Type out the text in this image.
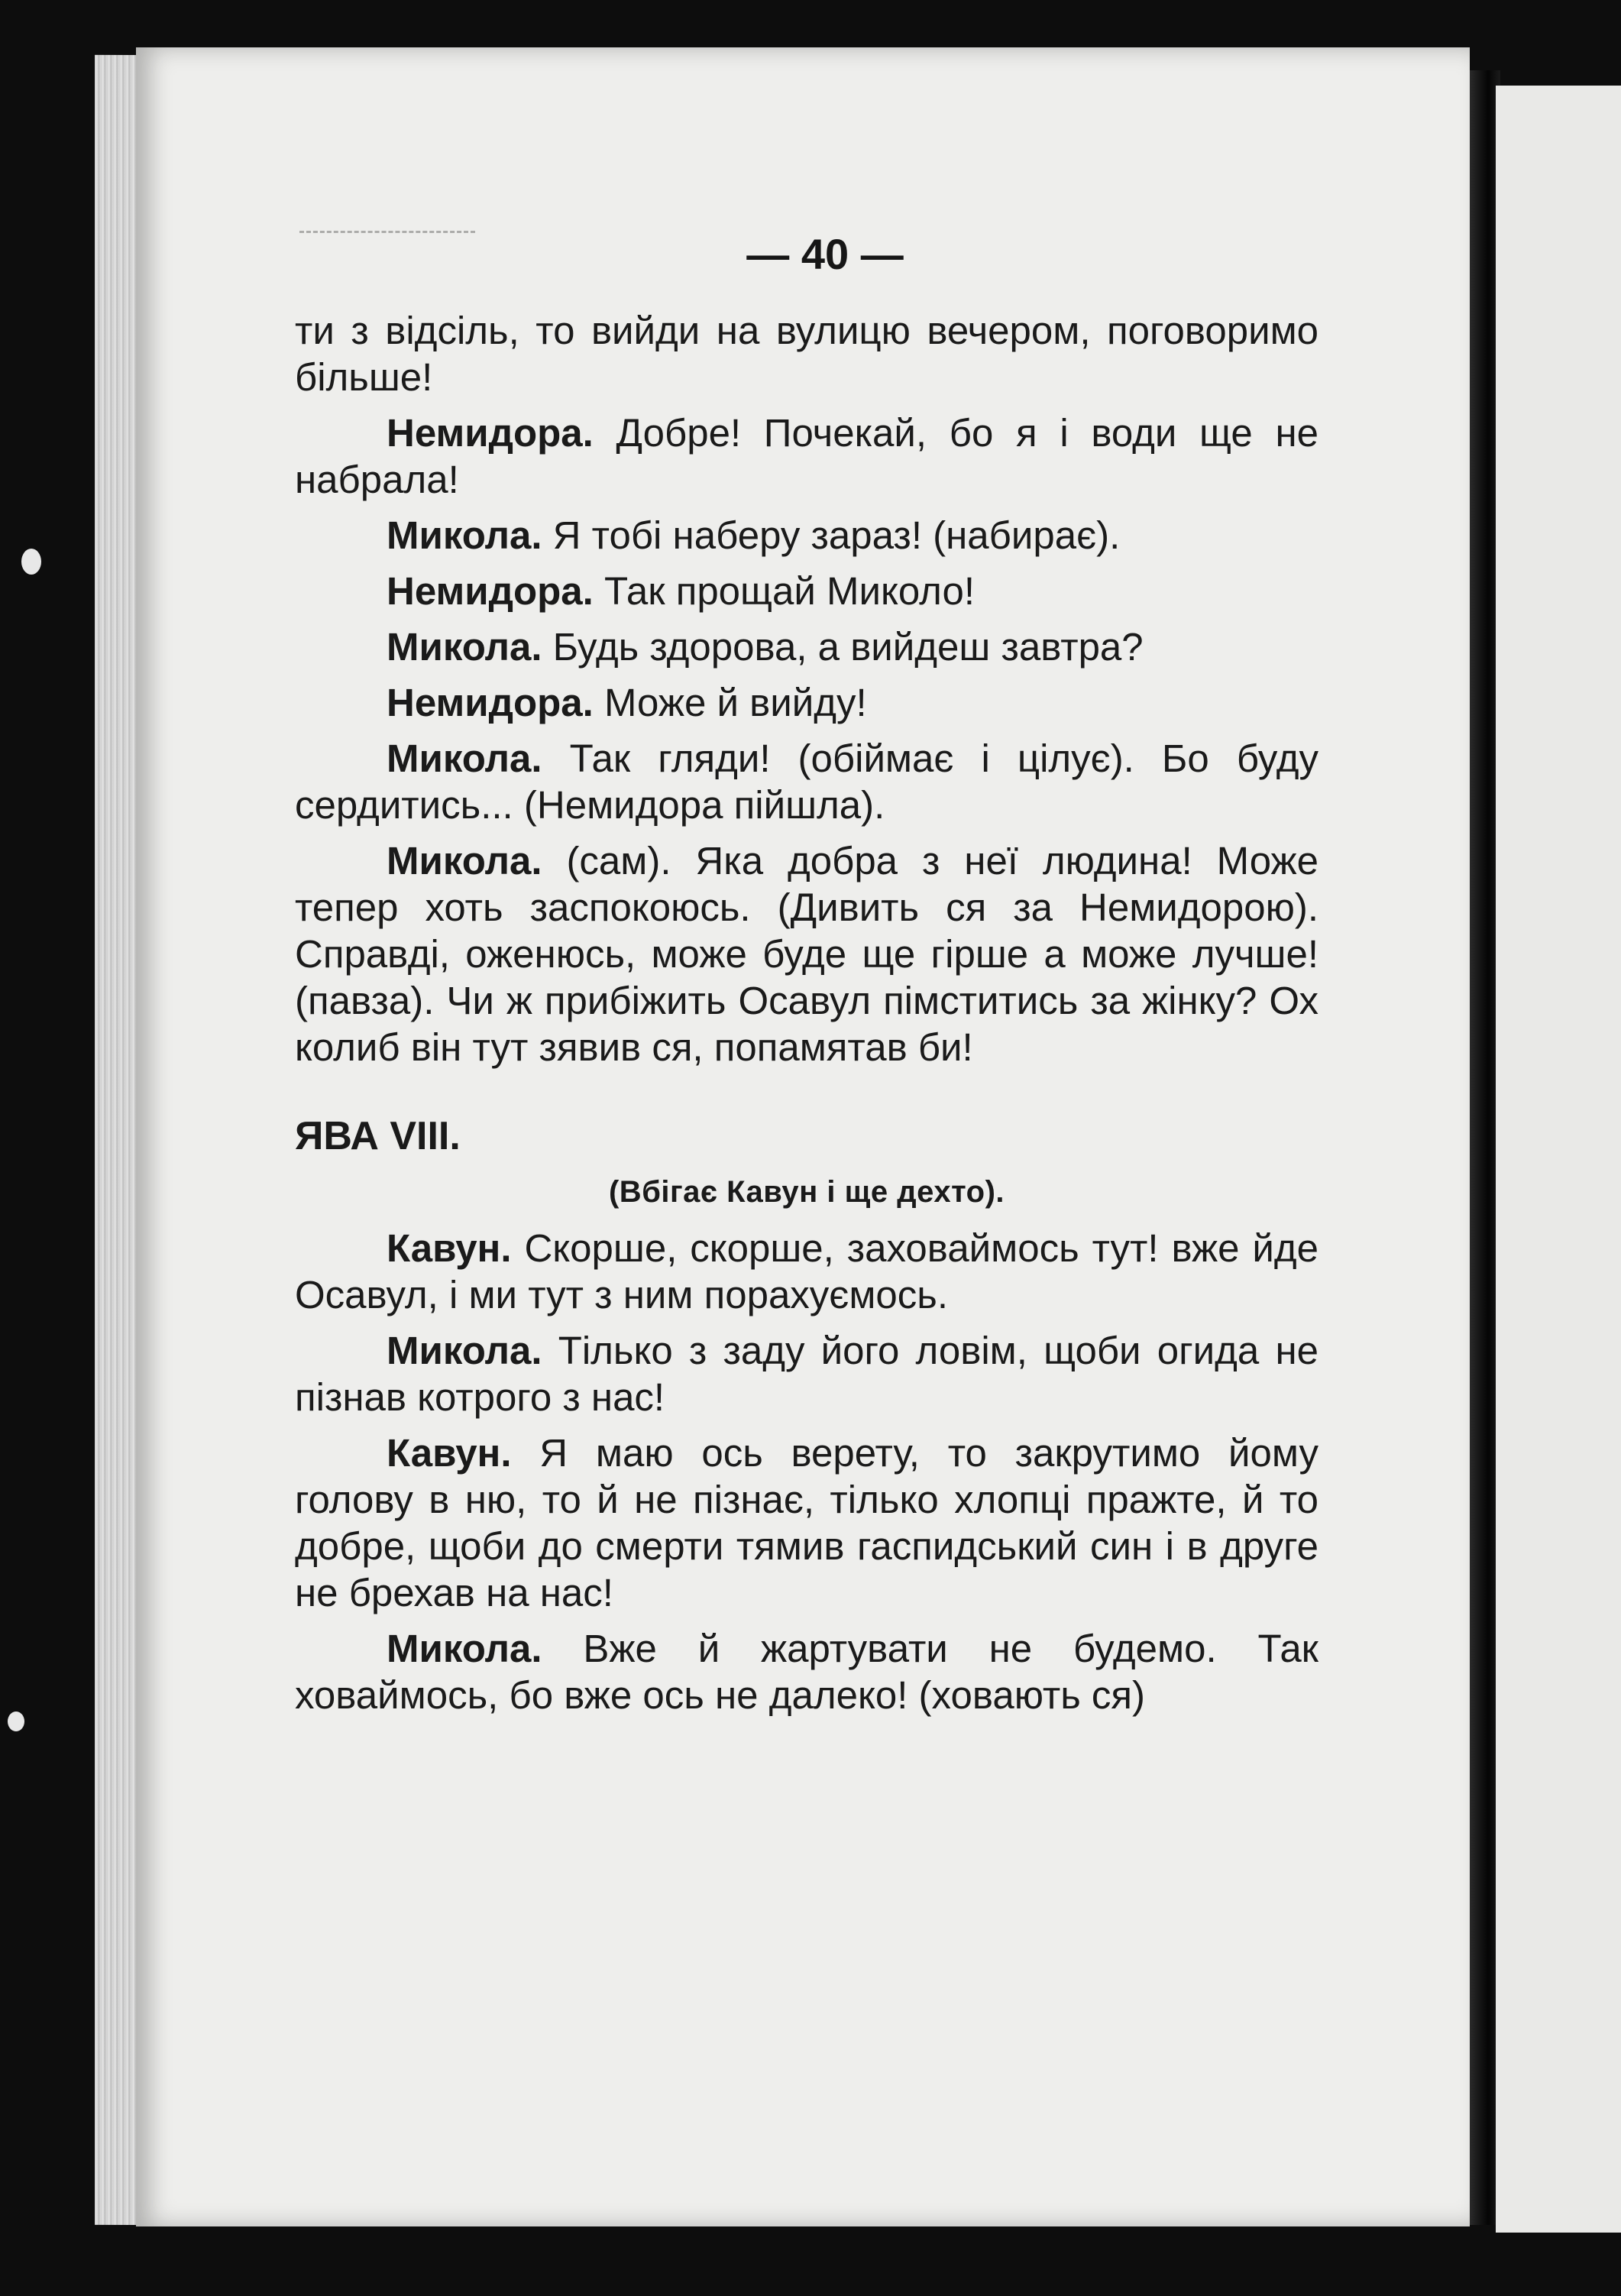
— 40 —

ти з відсіль, то вийди на вулицю вечером, поговоримо більше!

Немидора. Добре! Почекай, бо я і води ще не набрала!

Микола. Я тобі наберу зараз! (набирає).

Немидора. Так прощай Миколо!

Микола. Будь здорова, а вийдеш завтра?

Немидора. Може й вийду!

Микола. Так гляди! (обіймає і цілує). Бо буду сердитись... (Немидора пійшла).

Микола. (сам). Яка добра з неї людина! Може тепер хоть заспокоюсь. (Дивить ся за Немидорою). Справді, оженюсь, може буде ще гірше а може лучше! (павза). Чи ж прибіжить Осавул пімститись за жінку? Ох колиб він тут зявив ся, попамятав би!

ЯВА VIII.

(Вбігає Кавун і ще дехто).

Кавун. Скорше, скорше, заховаймось тут! вже йде Осавул, і ми тут з ним порахуємось.

Микола. Тілько з заду його ловім, щоби огида не пізнав котрого з нас!

Кавун. Я маю ось верету, то закрутимо йому голову в ню, то й не пізнає, тілько хлопці пражте, й то добре, щоби до смерти тямив гаспидський син і в друге не брехав на нас!

Микола. Вже й жартувати не будемо. Так ховаймось, бо вже ось не далеко! (ховають ся)
